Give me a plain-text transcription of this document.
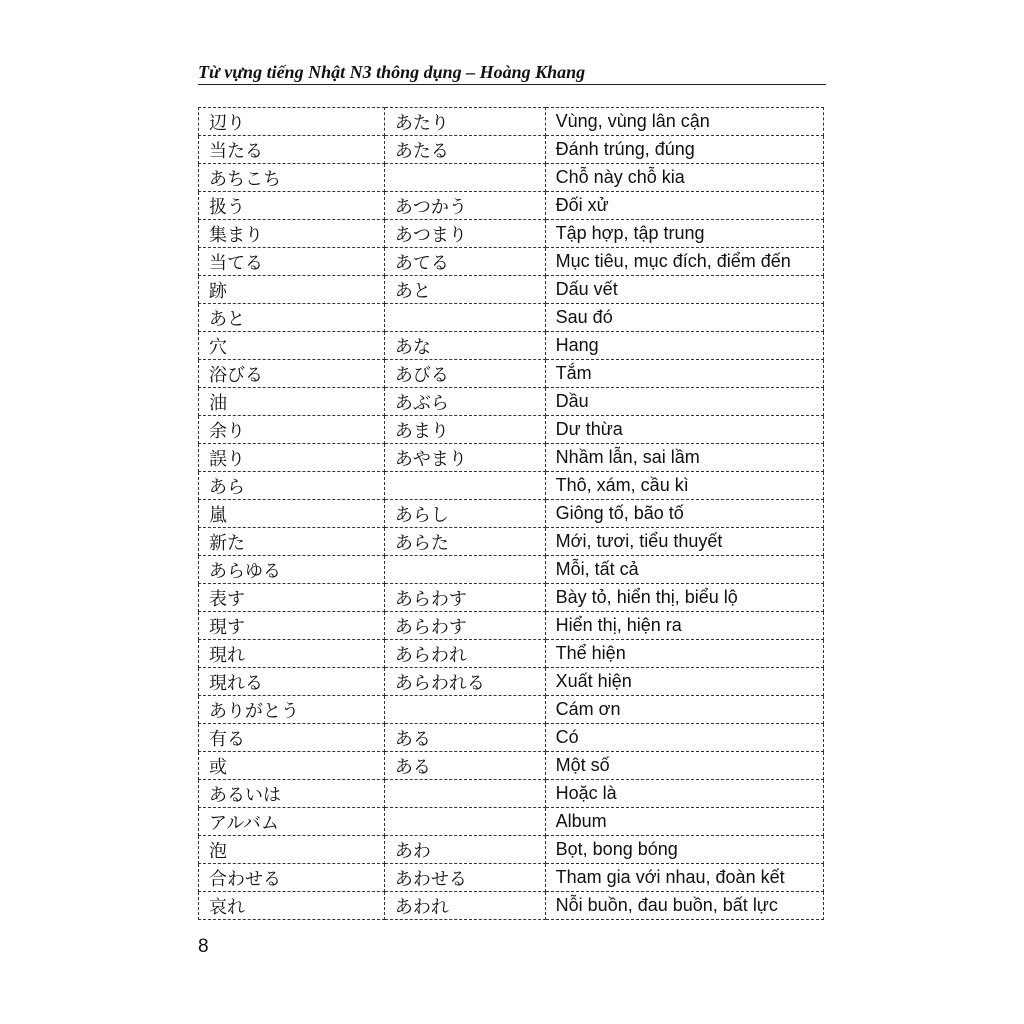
Từ vựng tiếng Nhật N3 thông dụng – Hoàng Khang
辺り	あたり	Vùng, vùng lân cận
当たる	あたる	Đánh trúng, đúng
あちこち		Chỗ này chỗ kia
扱う	あつかう	Đối xử
集まり	あつまり	Tập hợp, tập trung
当てる	あてる	Mục tiêu, mục đích, điểm đến
跡	あと	Dấu vết
あと		Sau đó
穴	あな	Hang
浴びる	あびる	Tắm
油	あぶら	Dầu
余り	あまり	Dư thừa
誤り	あやまり	Nhầm lẫn, sai lầm
あら		Thô, xám, cầu kì
嵐	あらし	Giông tố, bão tố
新た	あらた	Mới, tươi, tiểu thuyết
あらゆる		Mỗi, tất cả
表す	あらわす	Bày tỏ, hiển thị, biểu lộ
現す	あらわす	Hiển thị, hiện ra
現れ	あらわれ	Thể hiện
現れる	あらわれる	Xuất hiện
ありがとう		Cám ơn
有る	ある	Có
或	ある	Một số
あるいは		Hoặc là
アルバム		Album
泡	あわ	Bọt, bong bóng
合わせる	あわせる	Tham gia với nhau, đoàn kết
哀れ	あわれ	Nỗi buồn, đau buồn, bất lực
8
